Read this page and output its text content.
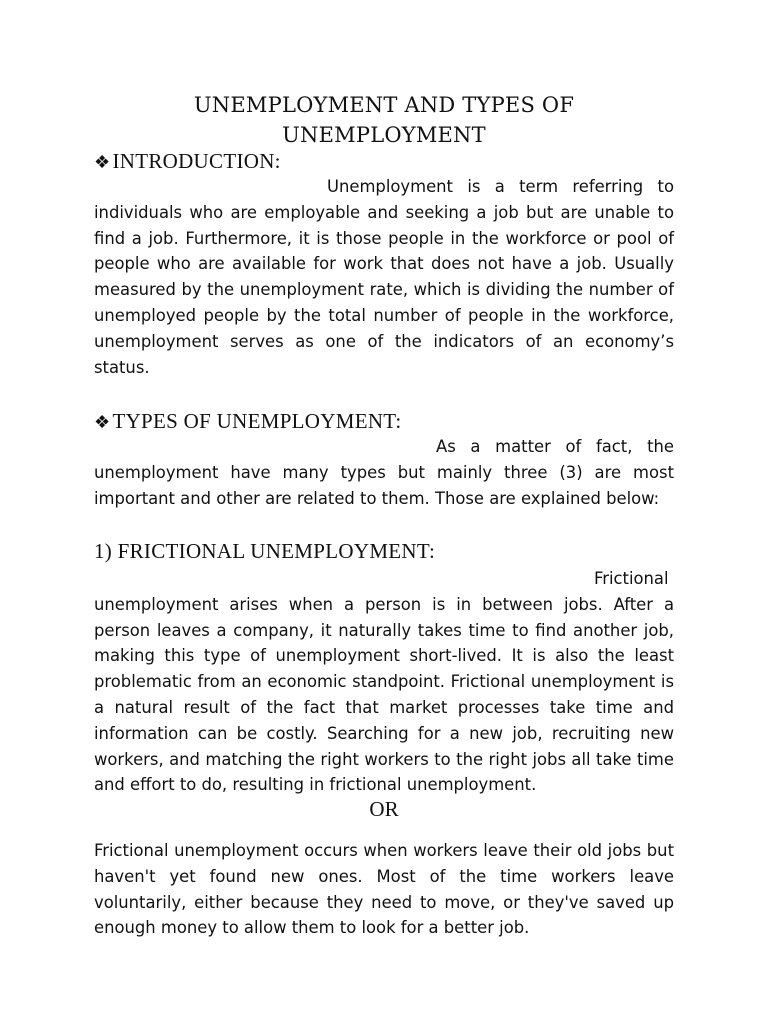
UNEMPLOYMENT AND TYPES OF UNEMPLOYMENT
❖INTRODUCTION:
Unemployment is a term referring to individuals who are employable and seeking a job but are unable to find a job. Furthermore, it is those people in the workforce or pool of people who are available for work that does not have a job. Usually measured by the unemployment rate, which is dividing the number of unemployed people by the total number of people in the workforce, unemployment serves as one of the indicators of an economy’s status.
❖TYPES OF UNEMPLOYMENT:
As a matter of fact, the unemployment have many types but mainly three (3) are most important and other are related to them. Those are explained below:
1) FRICTIONAL UNEMPLOYMENT:
Frictional unemployment arises when a person is in between jobs. After a person leaves a company, it naturally takes time to find another job, making this type of unemployment short-lived. It is also the least problematic from an economic standpoint. Frictional unemployment is a natural result of the fact that market processes take time and information can be costly. Searching for a new job, recruiting new workers, and matching the right workers to the right jobs all take time and effort to do, resulting in frictional unemployment.
OR
Frictional unemployment occurs when workers leave their old jobs but haven't yet found new ones. Most of the time workers leave voluntarily, either because they need to move, or they've saved up enough money to allow them to look for a better job.
